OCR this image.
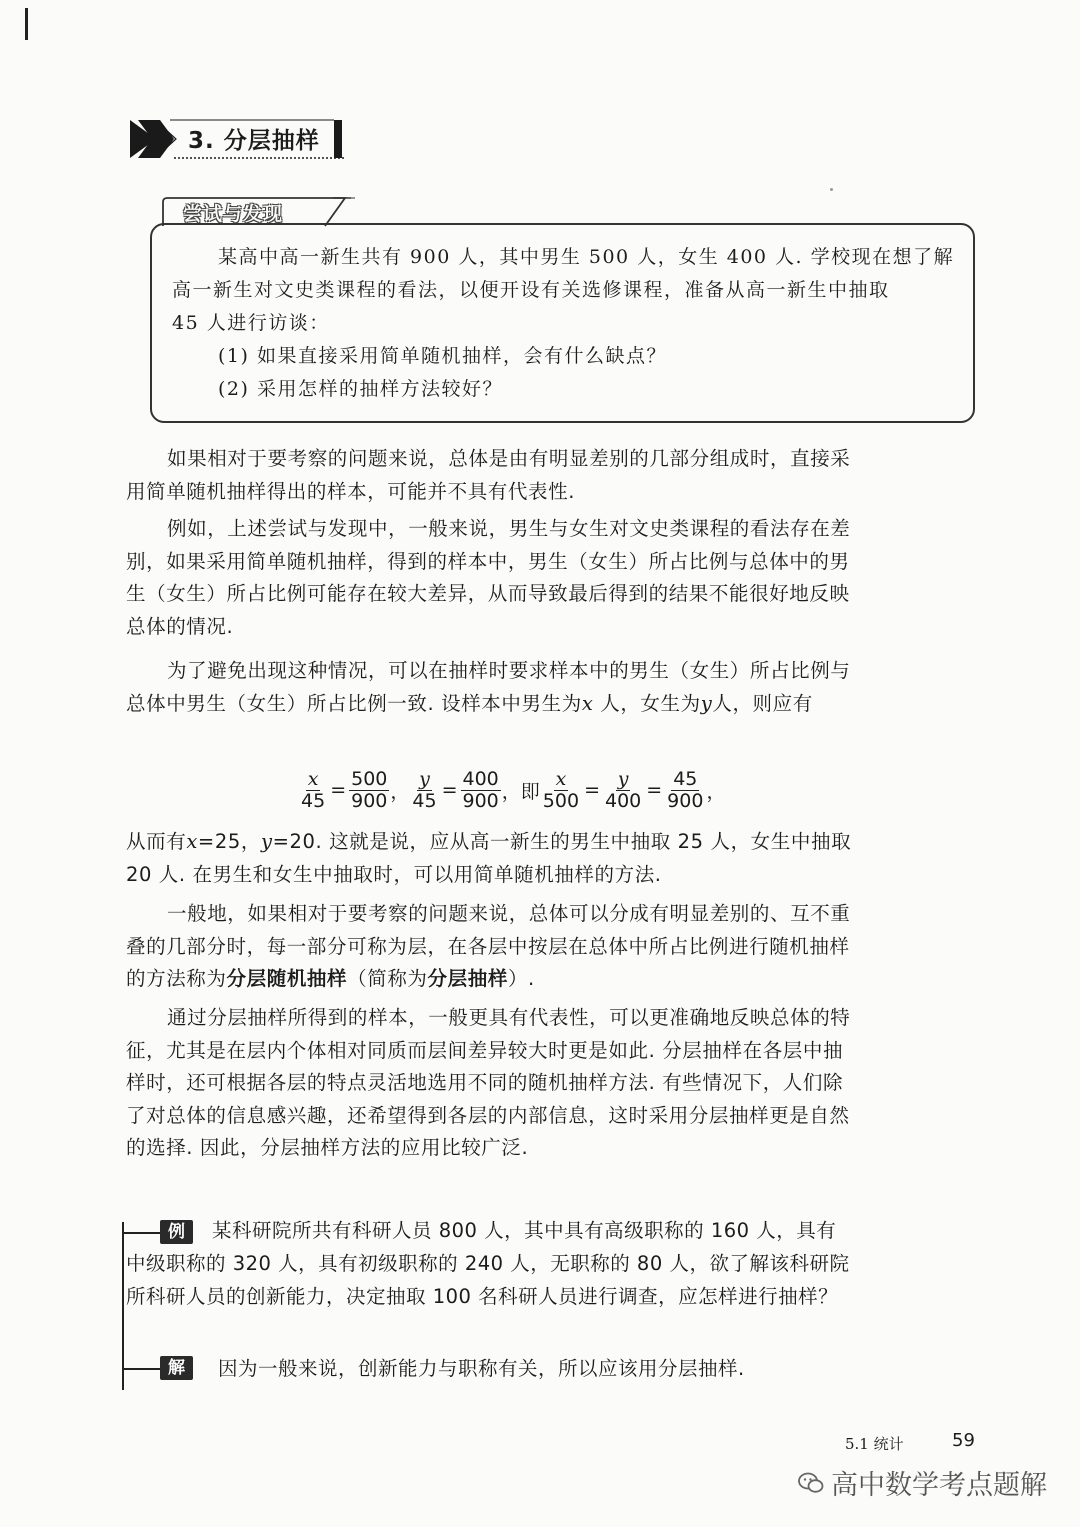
3. 分层抽样
尝试与发现
某高中高一新生共有 900 人，其中男生 500 人，女生 400 人. 学校现在想了解
高一新生对文史类课程的看法，以便开设有关选修课程，准备从高一新生中抽取
45 人进行访谈：
(1) 如果直接采用简单随机抽样，会有什么缺点？
(2) 采用怎样的抽样方法较好？
如果相对于要考察的问题来说，总体是由有明显差别的几部分组成时，直接采用简单随机抽样得出的样本，可能并不具有代表性.
例如，上述尝试与发现中，一般来说，男生与女生对文史类课程的看法存在差别，如果采用简单随机抽样，得到的样本中，男生（女生）所占比例与总体中的男生（女生）所占比例可能存在较大差异，从而导致最后得到的结果不能很好地反映总体的情况.
为了避免出现这种情况，可以在抽样时要求样本中的男生（女生）所占比例与总体中男生（女生）所占比例一致. 设样本中男生为x 人，女生为y人，则应有
$\frac{x}{45} = \frac{500}{900}$ ， $\frac{y}{45} = \frac{400}{900}$ ， 即 $\frac{x}{500} = \frac{y}{400} = \frac{45}{900}$ ，
从而有x=25，y=20. 这就是说，应从高一新生的男生中抽取 25 人，女生中抽取 20 人. 在男生和女生中抽取时，可以用简单随机抽样的方法.
一般地，如果相对于要考察的问题来说，总体可以分成有明显差别的、互不重叠的几部分时，每一部分可称为层，在各层中按层在总体中所占比例进行随机抽样的方法称为分层随机抽样（简称为分层抽样）.
通过分层抽样所得到的样本，一般更具有代表性，可以更准确地反映总体的特征，尤其是在层内个体相对同质而层间差异较大时更是如此. 分层抽样在各层中抽样时，还可根据各层的特点灵活地选用不同的随机抽样方法. 有些情况下，人们除了对总体的信息感兴趣，还希望得到各层的内部信息，这时采用分层抽样更是自然的选择. 因此，分层抽样方法的应用比较广泛.
例	某科研院所共有科研人员 800 人，其中具有高级职称的 160 人，具有中级职称的 320 人，具有初级职称的 240 人，无职称的 80 人，欲了解该科研院所科研人员的创新能力，决定抽取 100 名科研人员进行调查，应怎样进行抽样？
解	因为一般来说，创新能力与职称有关，所以应该用分层抽样.
5.1 统计	59
高中数学考点题解
